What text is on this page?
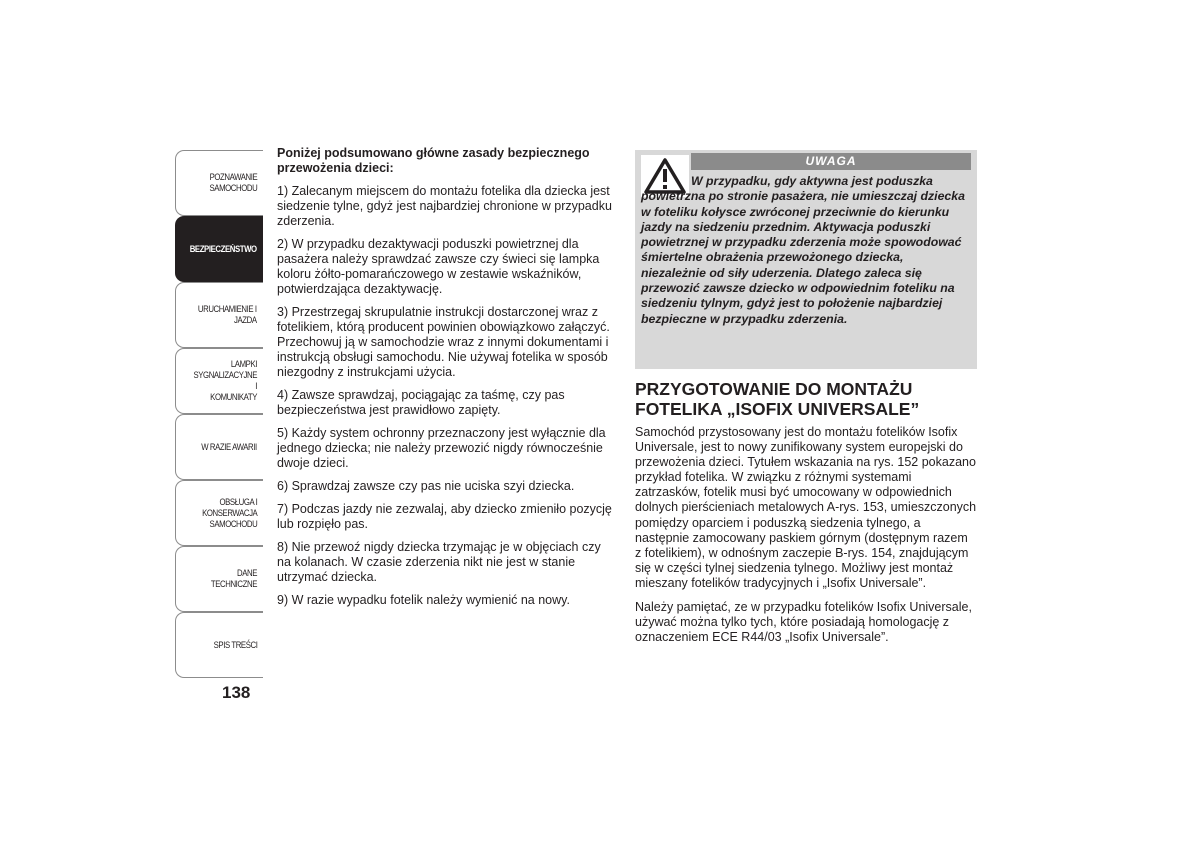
POZNAWANIE
SAMOCHODU
BEZPIECZEŃSTWO
URUCHAMIENIE I
JAZDA
LAMPKI
SYGNALIZACYJNE I
KOMUNIKATY
W RAZIE AWARII
OBSŁUGA I
KONSERWACJA
SAMOCHODU
DANE TECHNICZNE
SPIS TREŚCI
138

Poniżej podsumowano główne zasady bezpiecznego przewożenia dzieci:

1) Zalecanym miejscem do montażu fotelika dla dziecka jest siedzenie tylne, gdyż jest najbardziej chronione w przypadku zderzenia.

2) W przypadku dezaktywacji poduszki powietrznej dla pasażera należy sprawdzać zawsze czy świeci się lampka koloru żółto-pomarańczowego w zestawie wskaźników, potwierdzająca dezaktywację.

3) Przestrzegaj skrupulatnie instrukcji dostarczonej wraz z fotelikiem, którą producent powinien obowiązkowo załączyć. Przechowuj ją w samochodzie wraz z innymi dokumentami i instrukcją obsługi samochodu. Nie używaj fotelika w sposób niezgodny z instrukcjami użycia.

4) Zawsze sprawdzaj, pociągając za taśmę, czy pas bezpieczeństwa jest prawidłowo zapięty.

5) Każdy system ochronny przeznaczony jest wyłącznie dla jednego dziecka; nie należy przewozić nigdy równocześnie dwoje dzieci.

6) Sprawdzaj zawsze czy pas nie uciska szyi dziecka.

7) Podczas jazdy nie zezwalaj, aby dziecko zmieniło pozycję lub rozpięło pas.

8) Nie przewoź nigdy dziecka trzymając je w objęciach czy na kolanach. W czasie zderzenia nikt nie jest w stanie utrzymać dziecka.

9) W razie wypadku fotelik należy wymienić na nowy.

UWAGA
W przypadku, gdy aktywna jest poduszka powietrzna po stronie pasażera, nie umieszczaj dziecka w foteliku kołysce zwróconej przeciwnie do kierunku jazdy na siedzeniu przednim. Aktywacja poduszki powietrznej w przypadku zderzenia może spowodować śmiertelne obrażenia przewożonego dziecka, niezależnie od siły uderzenia. Dlatego zaleca się przewozić zawsze dziecko w odpowiednim foteliku na siedzeniu tylnym, gdyż jest to położenie najbardziej bezpieczne w przypadku zderzenia.
PRZYGOTOWANIE DO MONTAŻU FOTELIKA „ISOFIX UNIVERSALE”

Samochód przystosowany jest do montażu fotelików Isofix Universale, jest to nowy zunifikowany system europejski do przewożenia dzieci. Tytułem wskazania na rys. 152 pokazano przykład fotelika. W związku z różnymi systemami zatrzasków, fotelik musi być umocowany w odpowiednich dolnych pierścieniach metalowych A-rys. 153, umieszczonych pomiędzy oparciem i poduszką siedzenia tylnego, a następnie zamocowany paskiem górnym (dostępnym razem z fotelikiem), w odnośnym zaczepie B-rys. 154, znajdującym się w części tylnej siedzenia tylnego. Możliwy jest montaż mieszany fotelików tradycyjnych i „Isofix Universale”.

Należy pamiętać, ze w przypadku fotelików Isofix Universale, używać można tylko tych, które posiadają homologację z oznaczeniem ECE R44/03 „Isofix Universale”.
